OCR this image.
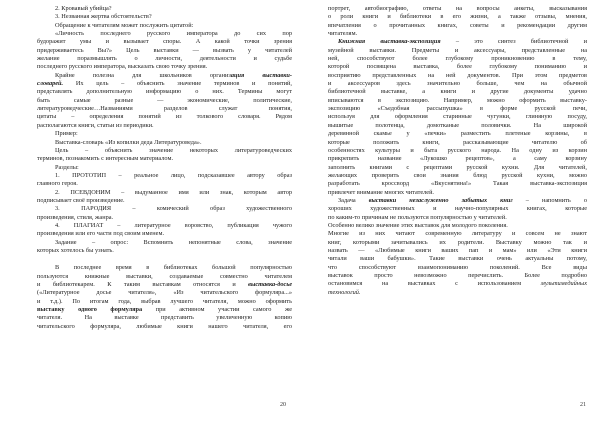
2. Кровавый убийца?
3. Незванная жертва обстоятельств?
Обращение к читателям может послужить цитатой:
«Личность последнего русского императора до сих пор
будоражит умы и вызывает споры. А какой точки зрения
придерживаетесь Вы?» Цель выставки — вызвать у читателей
желание поразмышлять о личности, деятельности и судьбе
последнего русского императора, высказать свою точку зрения.
Крайне полезна для школьников организация выставки-
словарей. Их цель – объяснить значение терминов и понятий,
представлять дополнительную информацию о них. Термины могут
быть самые разные — экономические, политические,
литературоведческие…Названиями разделов служат понятия,
цитаты – определения понятий из толкового словаря. Рядом
располагаются книги, статьи из периодики.
Пример:
Выставка-словарь «Из копилки деда Литературоведа».
Цель – объяснить значение некоторых литературоведческих
терминов, познакомить с интересным материалом.
Разделы:
1. ПРОТОТИП – реальное лицо, подсказавшее автору образ
главного героя.
2. ПСЕВДОНИМ – выдуманное имя или знак, которым автор
подписывает своё произведение.
3. ПАРОДИЯ – комический образ художественного
произведения, стиля, жанра.
4. ПЛАГИАТ – литературное воровство, публикация чужого
произведения или его части под своим именем.
Задание – опрос: Вспомнить непонятные слова, значение
которых хотелось бы узнать.
В последнее время в библиотеках большой популярностью
пользуются книжные выставки, создаваемые совместно читателем
и библиотекарем. К таким выставкам относятся и выставка-досье
(«Литературное досье читателя», «Из читательского формуляра...»
и т.д.). По итогам года, выбрав лучшего читателя, можно оформить
выставку одного формуляра при активном участии самого же
читателя. На выставке представить увеличенную копию
читательского формуляра, любимые книги нашего читателя, его
20
портрет, автобиографию, ответы на вопросы анкеты, высказывания
о роли книги и библиотеки в его жизни, а также отзывы, мнения,
впечатления о прочитанных книгах, советы и рекомендации другим
читателям.
Книжная выставка-экспозиция – это синтез библиотечной и
музейной выставки. Предметы и аксессуары, представленные на
ней, способствуют более глубокому проникновению в тему,
которой посвящена выставка, более глубокому пониманию и
восприятию представленных на ней документов. При этом предметов
и аксессуаров здесь значительно больше, чем на обычной
библиотечной выставке, а книги и другие документы удачно
вписываются в экспозицию. Например, можно оформить выставку-
экспозицию «Съедобная рассыпушка» в форме русской печи,
используя для оформления старинные чугунки, глиняную посуду,
вышитые полотенца, домотканые половички. На широкой
деревянной скамье у «печки» разместить плетеные корзины, в
которые положить книги, рассказывающие читателю об
особенностях культуры и быта русского народа. На одну из корзин
прикрепить название «Лукошко рецептов», а саму корзину
заполнить книгами с рецептами русской кухни. Для читателей,
желающих проверить свои знания блюд русской кухни, можно
разработать кроссворд «Вкуснятина!» Такая выставка-экспозиция
привлечет внимание многих читателей.
Задача выставки незаслуженно забытых книг – напомнить о
хороших художественных и научно-популярных книгах, которые
по каким-то причинам не пользуются популярностью у читателей.
Особенно велико значение этих выставок для молодого поколения.
Многие из них читают современную литературу и совсем не знают
книг, которыми зачитывались их родители. Выставку можно так и
назвать — «Любимые книги ваших пап и мам» или «Эти книги
читали ваши бабушки». Такие выставки очень актуальны потому,
что способствуют взаимопониманию поколений. Все виды
выставок просто невозможно перечислить. Более подробно
остановимся на выставках с использованием мультимедийных
технологий.
21
